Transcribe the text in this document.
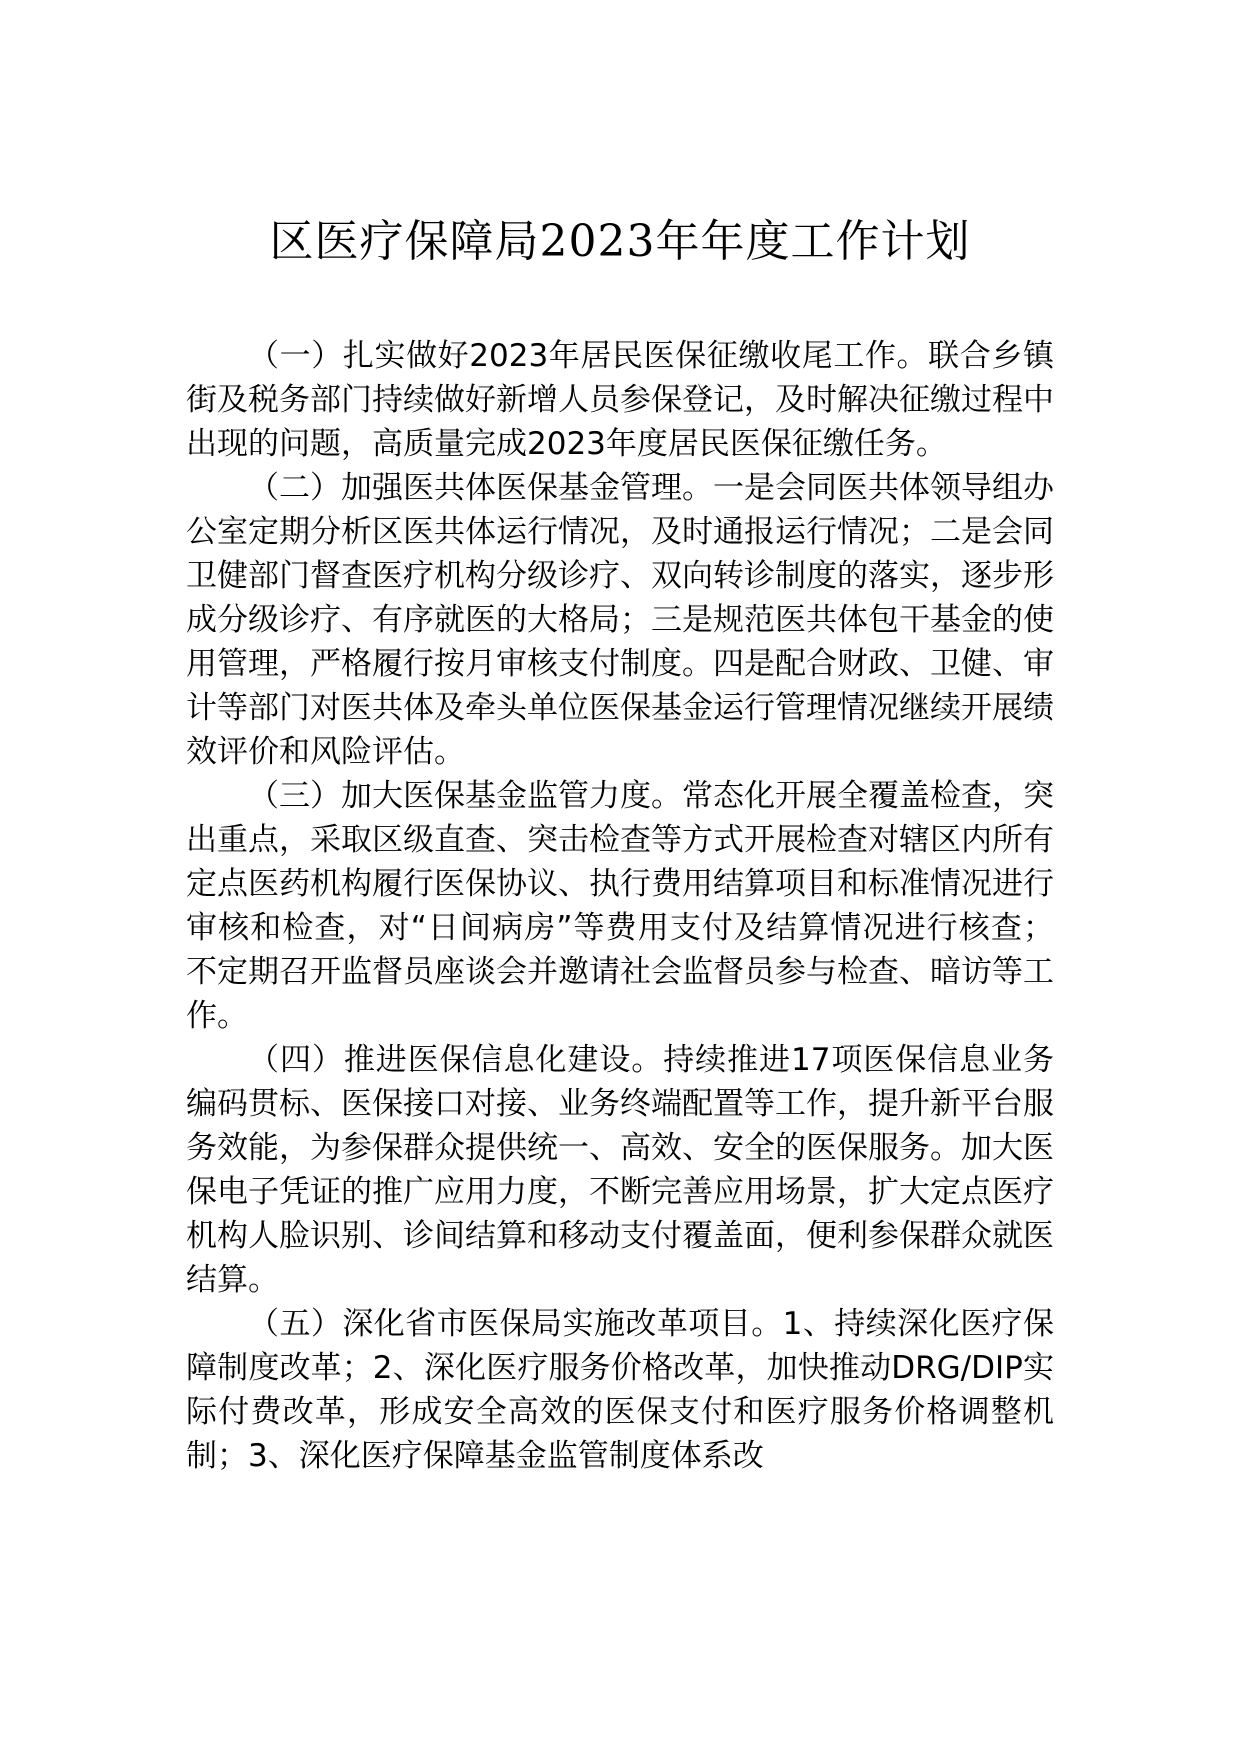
区医疗保障局2023年年度工作计划

（一）扎实做好2023年居民医保征缴收尾工作。联合乡镇街及税务部门持续做好新增人员参保登记，及时解决征缴过程中出现的问题，高质量完成2023年度居民医保征缴任务。

（二）加强医共体医保基金管理。一是会同医共体领导组办公室定期分析区医共体运行情况，及时通报运行情况；二是会同卫健部门督查医疗机构分级诊疗、双向转诊制度的落实，逐步形成分级诊疗、有序就医的大格局；三是规范医共体包干基金的使用管理，严格履行按月审核支付制度。四是配合财政、卫健、审计等部门对医共体及牵头单位医保基金运行管理情况继续开展绩效评价和风险评估。

（三）加大医保基金监管力度。常态化开展全覆盖检查，突出重点，采取区级直查、突击检查等方式开展检查对辖区内所有定点医药机构履行医保协议、执行费用结算项目和标准情况进行审核和检查，对“日间病房”等费用支付及结算情况进行核查；不定期召开监督员座谈会并邀请社会监督员参与检查、暗访等工作。

（四）推进医保信息化建设。持续推进17项医保信息业务编码贯标、医保接口对接、业务终端配置等工作，提升新平台服务效能，为参保群众提供统一、高效、安全的医保服务。加大医保电子凭证的推广应用力度，不断完善应用场景，扩大定点医疗机构人脸识别、诊间结算和移动支付覆盖面，便利参保群众就医结算。

（五）深化省市医保局实施改革项目。1、持续深化医疗保障制度改革；2、深化医疗服务价格改革，加快推动DRG/DIP实际付费改革，形成安全高效的医保支付和医疗服务价格调整机制；3、深化医疗保障基金监管制度体系改
